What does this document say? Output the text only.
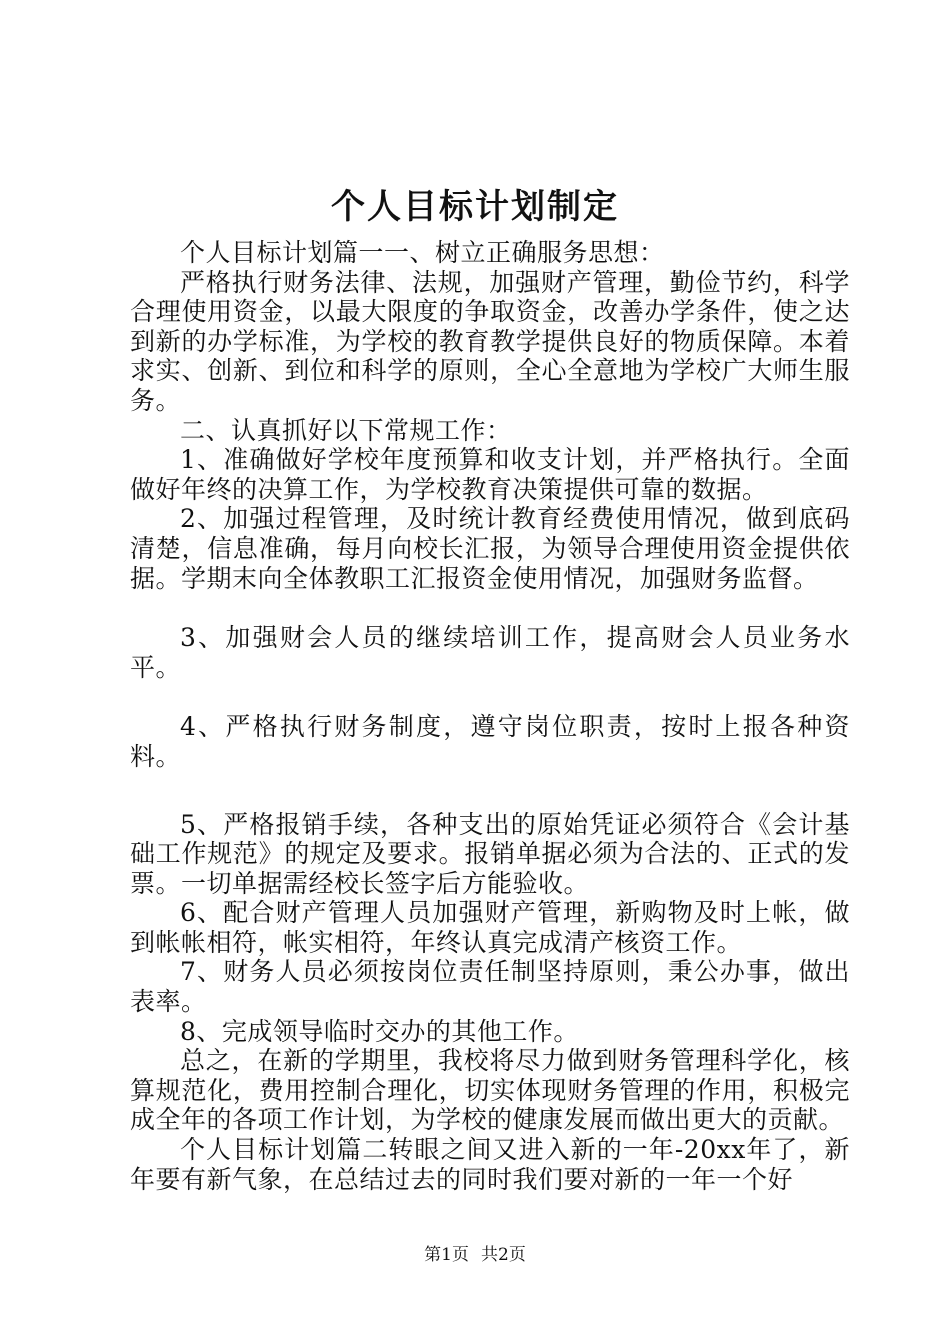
个人目标计划制定

个人目标计划篇一一、树立正确服务思想：

严格执行财务法律、法规，加强财产管理，勤俭节约，科学合理使用资金，以最大限度的争取资金，改善办学条件，使之达到新的办学标准，为学校的教育教学提供良好的物质保障。本着求实、创新、到位和科学的原则，全心全意地为学校广大师生服务。

二、认真抓好以下常规工作：

1、准确做好学校年度预算和收支计划，并严格执行。全面做好年终的决算工作，为学校教育决策提供可靠的数据。

2、加强过程管理，及时统计教育经费使用情况，做到底码清楚，信息准确，每月向校长汇报，为领导合理使用资金提供依据。学期末向全体教职工汇报资金使用情况，加强财务监督。

3、加强财会人员的继续培训工作，提高财会人员业务水平。

4、严格执行财务制度，遵守岗位职责，按时上报各种资料。

5、严格报销手续，各种支出的原始凭证必须符合《会计基础工作规范》的规定及要求。报销单据必须为合法的、正式的发票。一切单据需经校长签字后方能验收。

6、配合财产管理人员加强财产管理，新购物及时上帐，做到帐帐相符，帐实相符，年终认真完成清产核资工作。

7、财务人员必须按岗位责任制坚持原则，秉公办事，做出表率。

8、完成领导临时交办的其他工作。

总之，在新的学期里，我校将尽力做到财务管理科学化，核算规范化，费用控制合理化，切实体现财务管理的作用，积极完成全年的各项工作计划，为学校的健康发展而做出更大的贡献。

个人目标计划篇二转眼之间又进入新的一年-20xx年了，新年要有新气象，在总结过去的同时我们要对新的一年一个好

第1页 共2页
